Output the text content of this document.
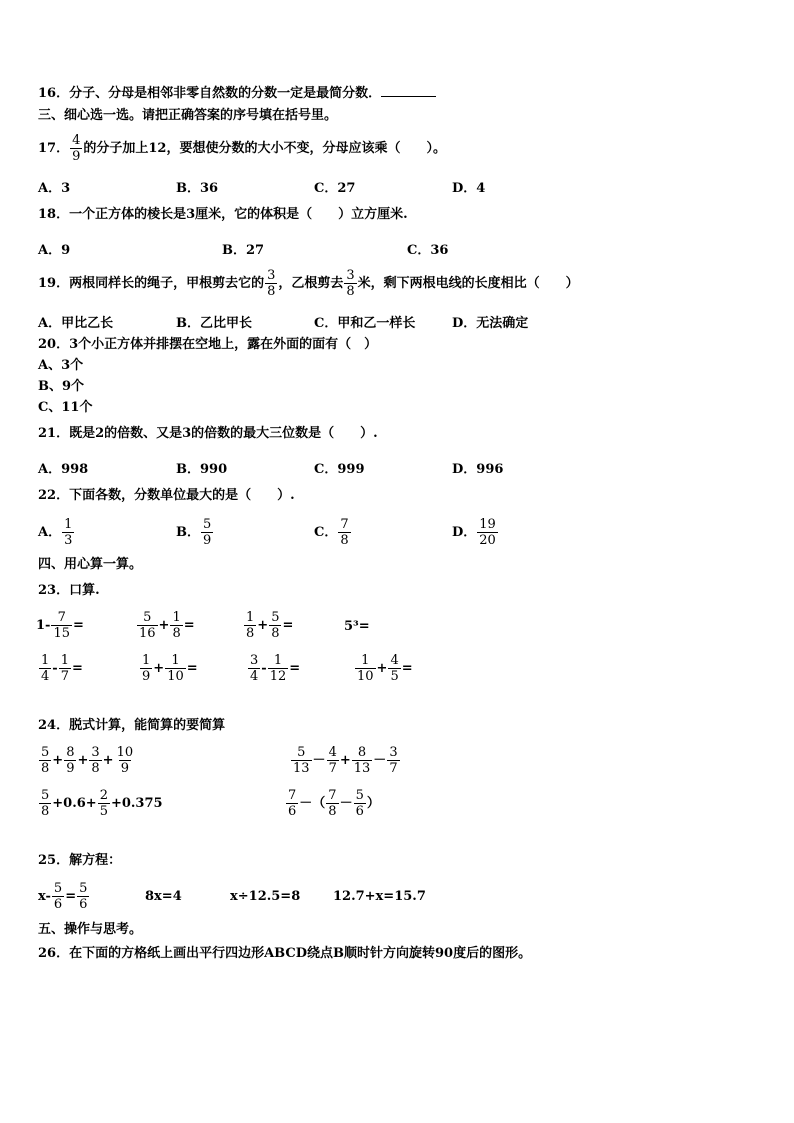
16．分子、分母是相邻非零自然数的分数一定是最简分数．
三、细心选一选。请把正确答案的序号填在括号里。
17． $\frac{4}{9}$ 的分子加上12，要想使分数的大小不变，分母应该乘（　　）。
A．3	B．36	C．27	D．4
18．一个正方体的棱长是3厘米，它的体积是（　　）立方厘米.
A．9	B．27	C．36
19．两根同样长的绳子，甲根剪去它的 $\frac{3}{8}$ ，乙根剪去 $\frac{3}{8}$ 米，剩下两根电线的长度相比（　　）
A．甲比乙长	B．乙比甲长	C．甲和乙一样长	D．无法确定
20．3个小正方体并排摆在空地上，露在外面的面有（　）
A、3个
B、9个
C、11个
21．既是2的倍数、又是3的倍数的最大三位数是（　　）.
A．998	B．990	C．999	D．996
22．下面各数，分数单位最大的是（　　）.
A． $\frac{1}{3}$	B． $\frac{5}{9}$	C． $\frac{7}{8}$	D． $\frac{19}{20}$
四、用心算一算。
23．口算.
$1- \frac{7}{15}$ =	$\frac{5}{16} + \frac{1}{8}$ =	$\frac{1}{8} + \frac{5}{8}$ =	5³=
$\frac{1}{4} - \frac{1}{7}$ =	$\frac{1}{9} + \frac{1}{10}$ =	$\frac{3}{4} - \frac{1}{12}$ =	$\frac{1}{10} + \frac{4}{5}$ =
24．脱式计算，能简算的要简算
$\frac{5}{8} + \frac{8}{9} + \frac{3}{8} + \frac{10}{9}$	$\frac{5}{13} - \frac{4}{7} + \frac{8}{13} - \frac{3}{7}$
$\frac{5}{8} +0.6+ \frac{2}{5} +0.375$	$\frac{7}{6}$ －（ $\frac{7}{8} - \frac{5}{6}$ ）
25．解方程：
$x- \frac{5}{6} = \frac{5}{6}$	8x=4	x÷12.5=8	12.7+x=15.7
五、操作与思考。
26．在下面的方格纸上画出平行四边形ABCD绕点B顺时针方向旋转90度后的图形。
